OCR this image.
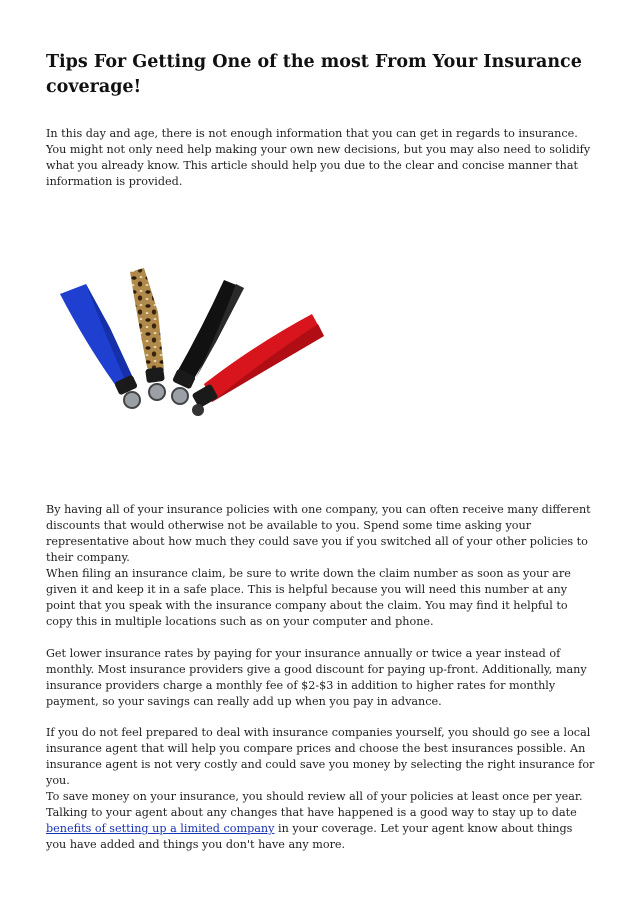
Tips For Getting One of the most From Your Insurance coverage!

In this day and age, there is not enough information that you can get in regards to insurance. You might not only need help making your own new decisions, but you may also need to solidify what you already know. This article should help you due to the clear and concise manner that information is provided.

By having all of your insurance policies with one company, you can often receive many different discounts that would otherwise not be available to you. Spend some time asking your representative about how much they could save you if you switched all of your other policies to their company.

When filing an insurance claim, be sure to write down the claim number as soon as your are given it and keep it in a safe place. This is helpful because you will need this number at any point that you speak with the insurance company about the claim. You may find it helpful to copy this in multiple locations such as on your computer and phone.

Get lower insurance rates by paying for your insurance annually or twice a year instead of monthly. Most insurance providers give a good discount for paying up-front. Additionally, many insurance providers charge a monthly fee of $2-$3 in addition to higher rates for monthly payment, so your savings can really add up when you pay in advance.

If you do not feel prepared to deal with insurance companies yourself, you should go see a local insurance agent that will help you compare prices and choose the best insurances possible. An insurance agent is not very costly and could save you money by selecting the right insurance for you.

To save money on your insurance, you should review all of your policies at least once per year. Talking to your agent about any changes that have happened is a good way to stay up to date benefits of setting up a limited company in your coverage. Let your agent know about things you have added and things you don't have any more.
